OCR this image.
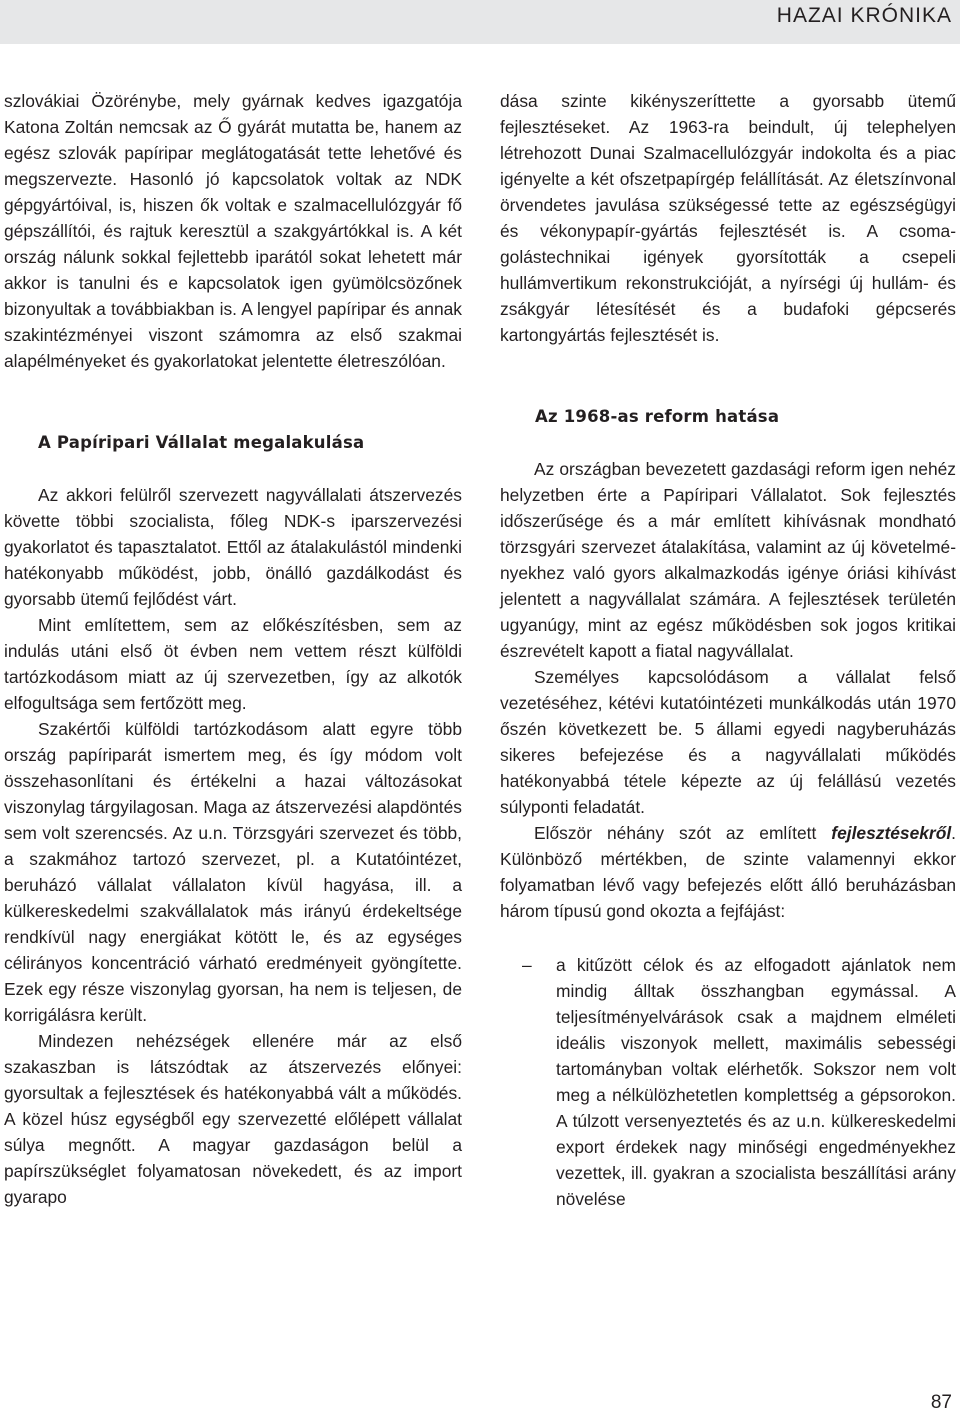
HAZAI KRÓNIKA

szlovákiai Özörénybe, mely gyárnak kedves igazgatója Katona Zoltán nemcsak az Ő gyárát mutatta be, hanem az egész szlovák papíripar meglátogatását tette lehetővé és megszervezte. Hasonló jó kapcsolatok voltak az NDK gépgyártóival, is, hiszen ők voltak e szalmacellulózgyár fő gépszállítói, és rajtuk keresztül a szakgyártókkal is. A két ország nálunk sokkal fejlettebb iparától sokat lehetett már akkor is tanulni és e kapcsolatok igen gyümölcsözőnek bizonyultak a továbbiakban is. A lengyel papíripar és annak szakintézményei viszont számomra az első szakmai alapélményeket és gyakorlatokat jelentette életreszólóan.

A Papíripari Vállalat megalakulása

Az akkori felülről szervezett nagyvállalati átszervezés követte többi szocialista, főleg NDK-s iparszervezési gyakorlatot és tapasztalatot. Ettől az átalakulástól mindenki hatékonyabb működést, jobb, önálló gazdálkodást és gyorsabb ütemű fejlődést várt.

Mint említettem, sem az előkészítésben, sem az indulás utáni első öt évben nem vettem részt külföldi tartózkodásom miatt az új szervezetben, így az alkotók elfogultsága sem fertőzött meg.

Szakértői külföldi tartózkodásom alatt egyre több ország papíriparát ismertem meg, és így módom volt összehasonlítani és értékelni a hazai változásokat viszonylag tárgyilagosan. Maga az átszervezési alapdöntés sem volt szerencsés. Az u.n. Törzsgyári szervezet és több, a szakmához tartozó szervezet, pl. a Kutatóintézet, beruházó vállalat vállalaton kívül hagyása, ill. a külkereskedelmi szakvállalatok más irányú érdekeltsége rendkívül nagy energiákat kötött le, és az egységes célirányos koncentráció várható eredményeit gyöngítette. Ezek egy része viszonylag gyorsan, ha nem is teljesen, de korrigálásra került.

Mindezen nehézségek ellenére már az első szakaszban is látszódtak az átszervezés előnyei: gyorsultak a fejlesztések és hatékonyabbá vált a működés. A közel húsz egységből egy szervezetté előlépett vállalat súlya megnőtt. A magyar gazdaságon belül a papírszükséglet folyamatosan növekedett, és az import gyarapo

dása szinte kikényszeríttette a gyorsabb ütemű fejlesztéseket. Az 1963-ra beindult, új telephelyen létrehozott Dunai Szalmacellulózgyár indokolta és a piac igényelte a két ofszetpapírgép felállítását. Az életszínvonal örvendetes javulása szükségessé tette az egészségügyi és vékonypapír-gyártás fejlesztését is. A csomagolástechnikai igények gyorsították a csepeli hullámvertikum rekonstrukcióját, a nyírségi új hullám- és zsákgyár létesítését és a budafoki gépcserés kartongyártás fejlesztését is.

Az 1968-as reform hatása

Az országban bevezetett gazdasági reform igen nehéz helyzetben érte a Papíripari Vállalatot. Sok fejlesztés időszerűsége és a már említett kihívásnak mondható törzsgyári szervezet átalakítása, valamint az új követelményekhez való gyors alkalmazkodás igénye óriási kihívást jelentett a nagyvállalat számára. A fejlesztések területén ugyanúgy, mint az egész működésben sok jogos kritikai észrevételt kapott a fiatal nagyvállalat.

Személyes kapcsolódásom a vállalat felső vezetéséhez, kétévi kutatóintézeti munkálkodás után 1970 őszén következett be. 5 állami egyedi nagyberuházás sikeres befejezése és a nagyvállalati működés hatékonyabbá tétele képezte az új felállású vezetés súlyponti feladatát.

Először néhány szót az említett fejlesztésekről. Különböző mértékben, de szinte valamennyi ekkor folyamatban lévő vagy befejezés előtt álló beruházásban három típusú gond okozta a fejfájást:

– a kitűzött célok és az elfogadott ajánlatok nem mindig álltak összhangban egymással. A teljesítményelvárások csak a majdnem elméleti ideális viszonyok mellett, maximális sebességi tartományban voltak elérhetők. Sokszor nem volt meg a nélkülözhetetlen komplettség a gépsorokon. A túlzott versenyeztetés és az u.n. külkereskedelmi export érdekek nagy minőségi engedményekhez vezettek, ill. gyakran a szocialista beszállítási arány növelése
87
